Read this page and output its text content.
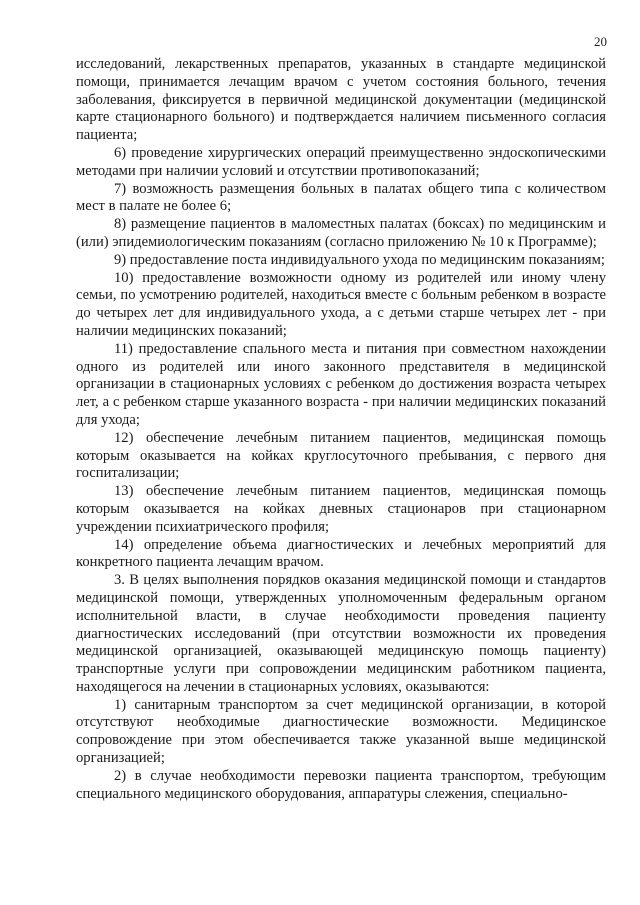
20

исследований, лекарственных препаратов, указанных в стандарте медицинской помощи, принимается лечащим врачом с учетом состояния больного, течения заболевания, фиксируется в первичной медицинской документации (медицинской карте стационарного больного) и подтверждается наличием письменного согласия пациента;

6) проведение хирургических операций преимущественно эндоскопическими методами при наличии условий и отсутствии противопоказаний;

7) возможность размещения больных в палатах общего типа с количеством мест в палате не более 6;

8) размещение пациентов в маломестных палатах (боксах) по медицинским и (или) эпидемиологическим показаниям (согласно приложению № 10 к Программе);

9) предоставление поста индивидуального ухода по медицинским показаниям;

10) предоставление возможности одному из родителей или иному члену семьи, по усмотрению родителей, находиться вместе с больным ребенком в возрасте до четырех лет для индивидуального ухода, а с детьми старше четырех лет - при наличии медицинских показаний;

11) предоставление спального места и питания при совместном нахождении одного из родителей или иного законного представителя в медицинской организации в стационарных условиях с ребенком до достижения возраста четырех лет, а с ребенком старше указанного возраста - при наличии медицинских показаний для ухода;

12) обеспечение лечебным питанием пациентов, медицинская помощь которым оказывается на койках круглосуточного пребывания, с первого дня госпитализации;

13) обеспечение лечебным питанием пациентов, медицинская помощь которым оказывается на койках дневных стационаров при стационарном учреждении психиатрического профиля;

14) определение объема диагностических и лечебных мероприятий для конкретного пациента лечащим врачом.

3. В целях выполнения порядков оказания медицинской помощи и стандартов медицинской помощи, утвержденных уполномоченным федеральным органом исполнительной власти, в случае необходимости проведения пациенту диагностических исследований (при отсутствии возможности их проведения медицинской организацией, оказывающей медицинскую помощь пациенту) транспортные услуги при сопровождении медицинским работником пациента, находящегося на лечении в стационарных условиях, оказываются:

1) санитарным транспортом за счет медицинской организации, в которой отсутствуют необходимые диагностические возможности. Медицинское сопровождение при этом обеспечивается также указанной выше медицинской организацией;

2) в случае необходимости перевозки пациента транспортом, требующим специального медицинского оборудования, аппаратуры слежения, специально-
